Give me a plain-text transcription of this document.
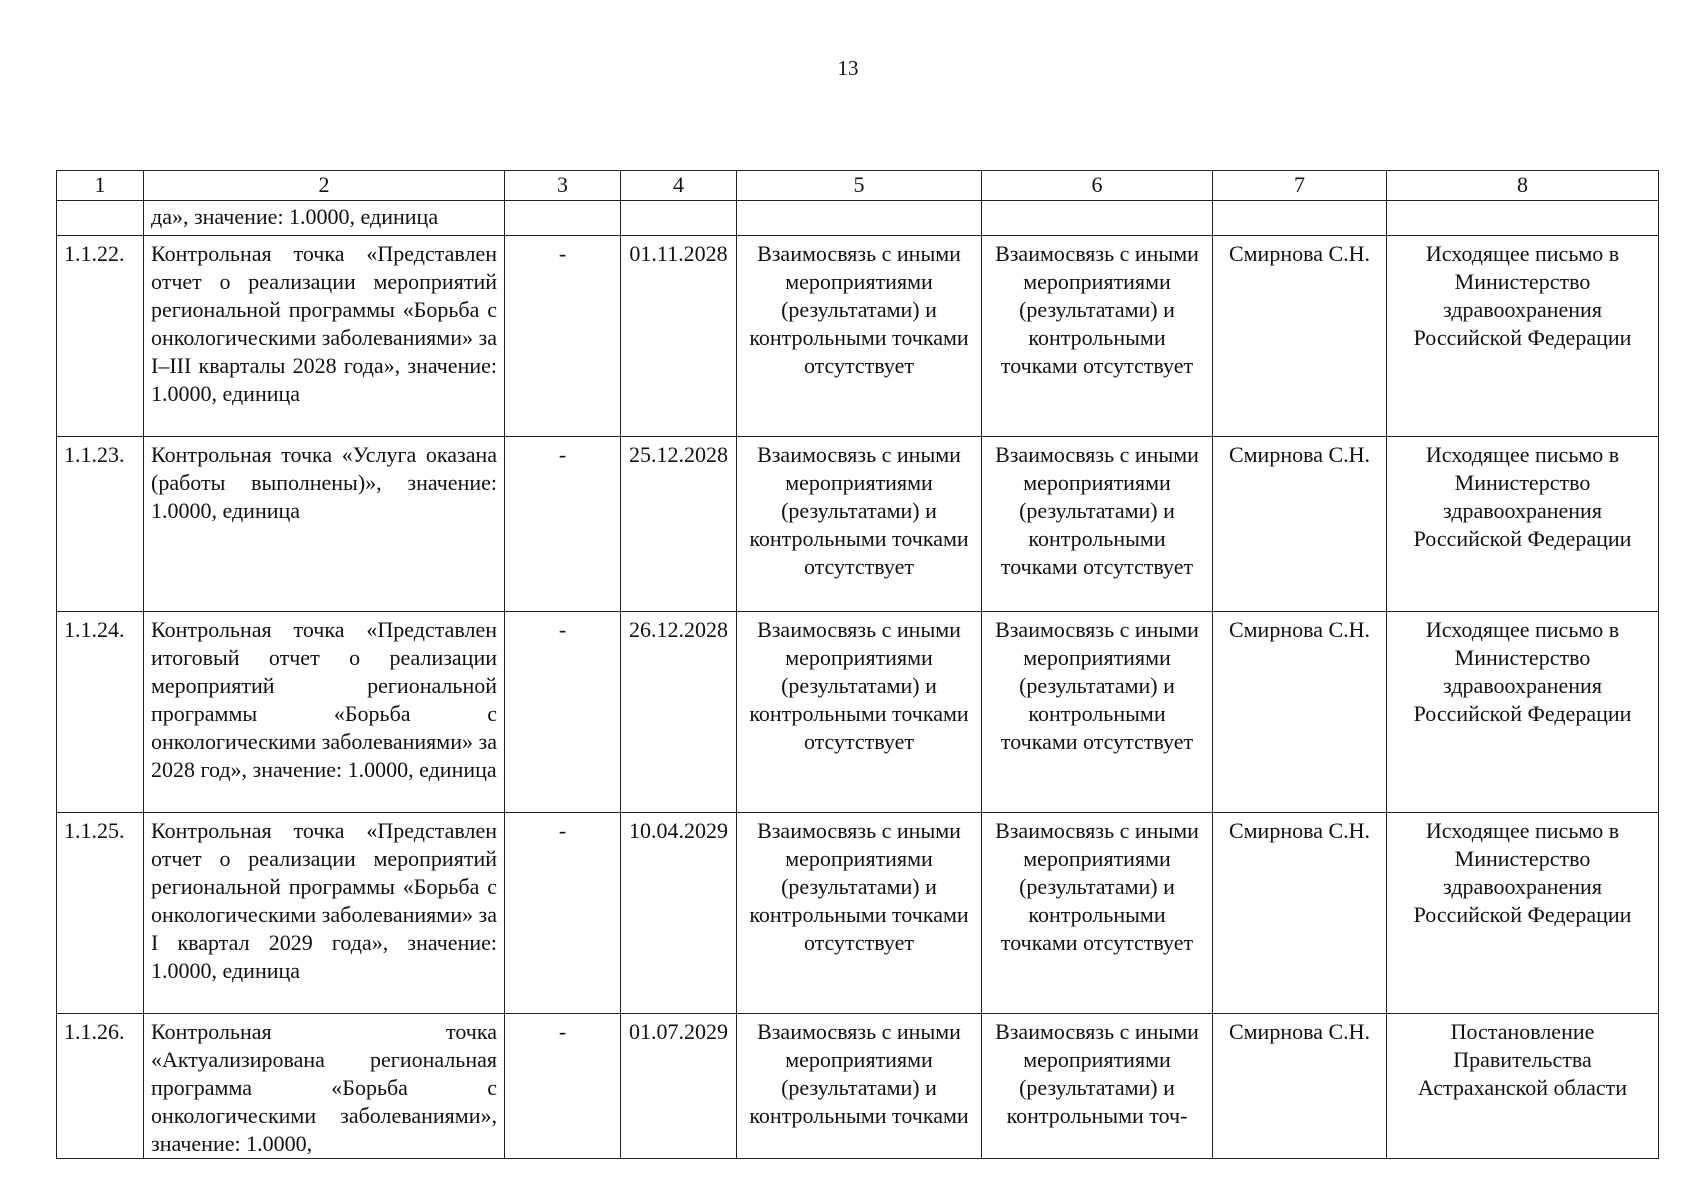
13
1	2	3	4	5	6	7	8
	да», значение: 1.0000, единица						
1.1.22.	Контрольная точка «Представлен отчет о реализации мероприятий региональной программы «Борьба с онкологическими заболеваниями» за I–III кварталы 2028 года», значение: 1.0000, единица	-	01.11.2028	Взаимосвязь с иными мероприятиями (результатами) и контрольными точками отсутствует	Взаимосвязь с иными мероприятиями (результатами) и контрольными точками отсутствует	Смирнова С.Н.	Исходящее письмо в Министерство здравоохранения Российской Федерации
1.1.23.	Контрольная точка «Услуга оказана (работы выполнены)», значение: 1.0000, единица	-	25.12.2028	Взаимосвязь с иными мероприятиями (результатами) и контрольными точками отсутствует	Взаимосвязь с иными мероприятиями (результатами) и контрольными точками отсутствует	Смирнова С.Н.	Исходящее письмо в Министерство здравоохранения Российской Федерации
1.1.24.	Контрольная точка «Представлен итоговый отчет о реализации мероприятий региональной программы «Борьба с онкологическими заболеваниями» за 2028 год», значение: 1.0000, единица	-	26.12.2028	Взаимосвязь с иными мероприятиями (результатами) и контрольными точками отсутствует	Взаимосвязь с иными мероприятиями (результатами) и контрольными точками отсутствует	Смирнова С.Н.	Исходящее письмо в Министерство здравоохранения Российской Федерации
1.1.25.	Контрольная точка «Представлен отчет о реализации мероприятий региональной программы «Борьба с онкологическими заболеваниями» за I квартал 2029 года», значение: 1.0000, единица	-	10.04.2029	Взаимосвязь с иными мероприятиями (результатами) и контрольными точками отсутствует	Взаимосвязь с иными мероприятиями (результатами) и контрольными точками отсутствует	Смирнова С.Н.	Исходящее письмо в Министерство здравоохранения Российской Федерации
1.1.26.	Контрольная точка «Актуализирована региональная программа «Борьба с онкологическими заболеваниями», значение: 1.0000,	-	01.07.2029	Взаимосвязь с иными мероприятиями (результатами) и контрольными точками	Взаимосвязь с иными мероприятиями (результатами) и контрольными точ-	Смирнова С.Н.	Постановление Правительства Астраханской области
